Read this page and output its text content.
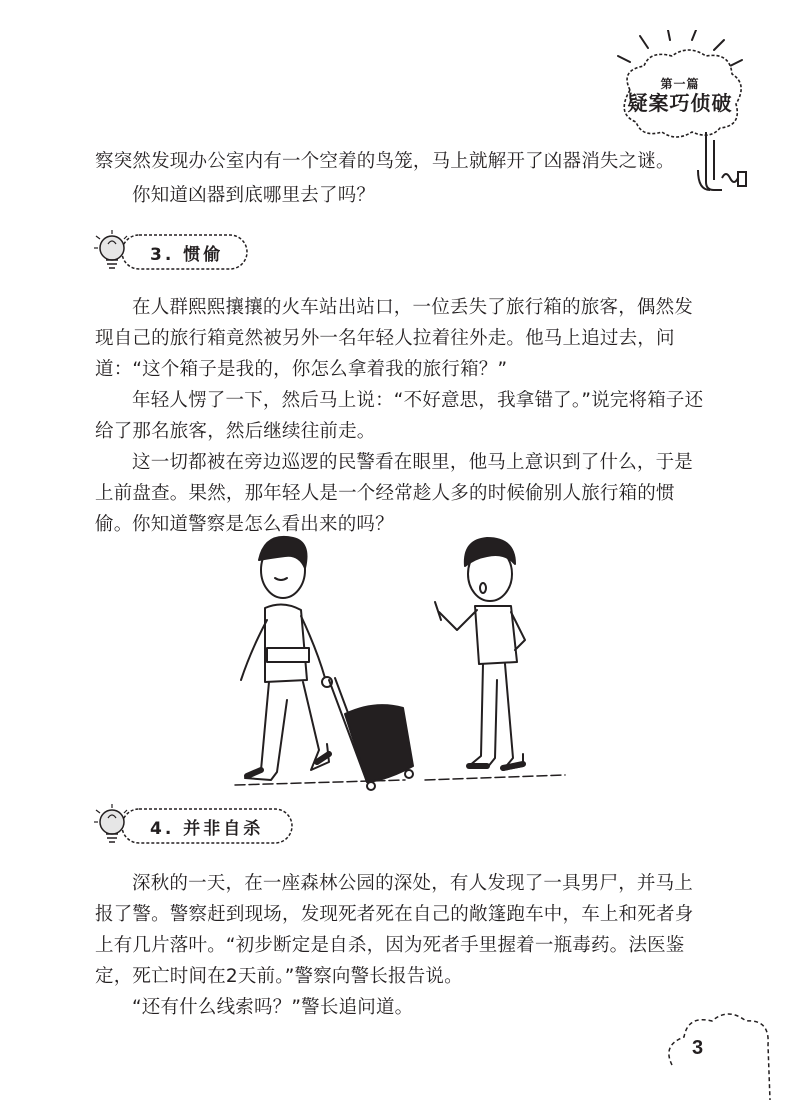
第一篇
疑案巧侦破

察突然发现办公室内有一个空着的鸟笼，马上就解开了凶器消失之谜。

你知道凶器到底哪里去了吗？

3. 惯偷

在人群熙熙攘攘的火车站出站口，一位丢失了旅行箱的旅客，偶然发现自己的旅行箱竟然被另外一名年轻人拉着往外走。他马上追过去，问道：“这个箱子是我的，你怎么拿着我的旅行箱？”

年轻人愣了一下，然后马上说：“不好意思，我拿错了。”说完将箱子还给了那名旅客，然后继续往前走。

这一切都被在旁边巡逻的民警看在眼里，他马上意识到了什么，于是上前盘查。果然，那年轻人是一个经常趁人多的时候偷别人旅行箱的惯偷。 你知道警察是怎么看出来的吗？

4. 并非自杀

深秋的一天，在一座森林公园的深处，有人发现了一具男尸，并马上报了警。警察赶到现场，发现死者死在自己的敞篷跑车中，车上和死者身上有几片落叶。“初步断定是自杀，因为死者手里握着一瓶毒药。法医鉴定，死亡时间在2天前。”警察向警长报告说。

“还有什么线索吗？”警长追问道。

3
